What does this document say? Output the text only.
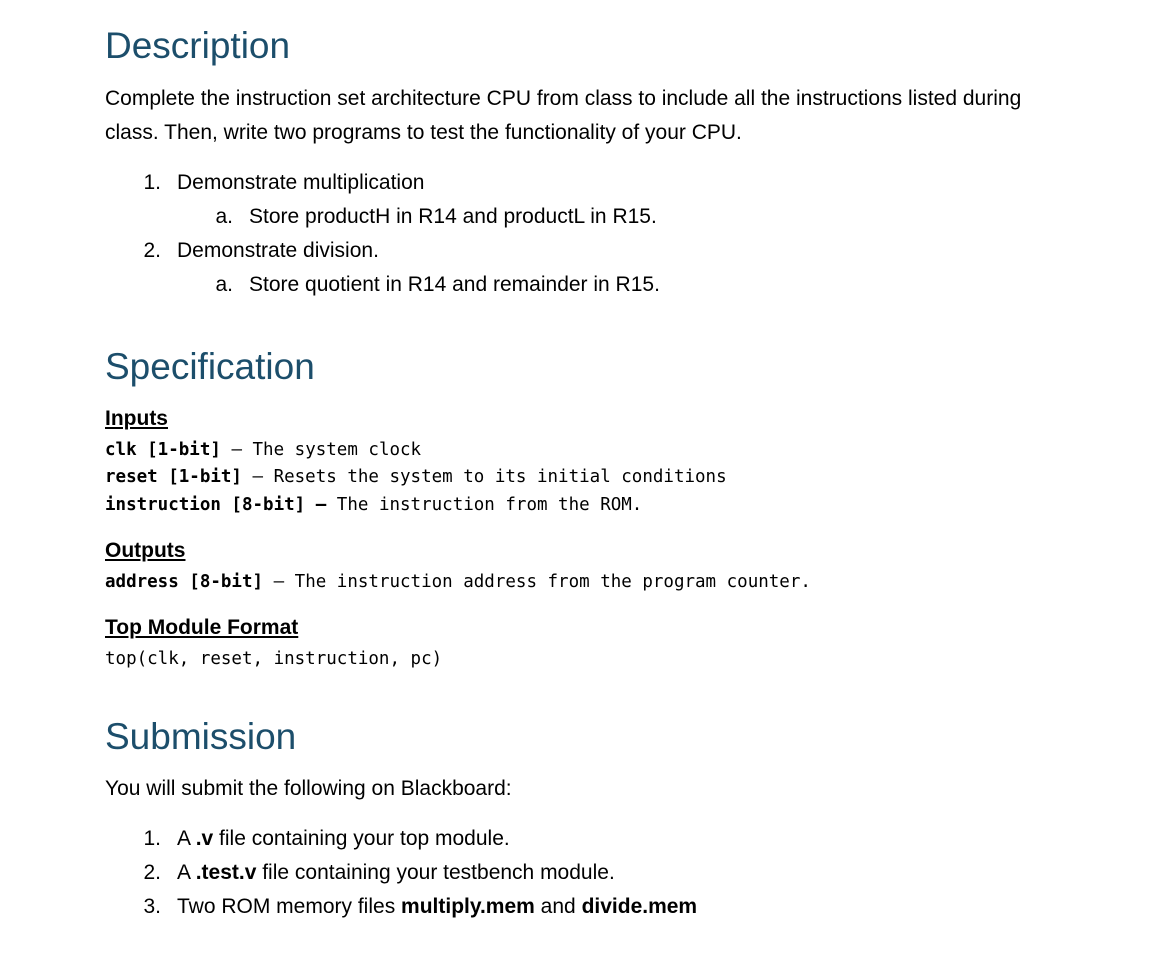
Description
Complete the instruction set architecture CPU from class to include all the instructions listed during class. Then, write two programs to test the functionality of your CPU.
1. Demonstrate multiplication
a. Store productH in R14 and productL in R15.
2. Demonstrate division.
a. Store quotient in R14 and remainder in R15.
Specification
Inputs
clk [1-bit] – The system clock
reset [1-bit] – Resets the system to its initial conditions
instruction [8-bit] – The instruction from the ROM.
Outputs
address [8-bit] – The instruction address from the program counter.
Top Module Format
top(clk, reset, instruction, pc)
Submission
You will submit the following on Blackboard:
1. A .v file containing your top module.
2. A .test.v file containing your testbench module.
3. Two ROM memory files multiply.mem and divide.mem
